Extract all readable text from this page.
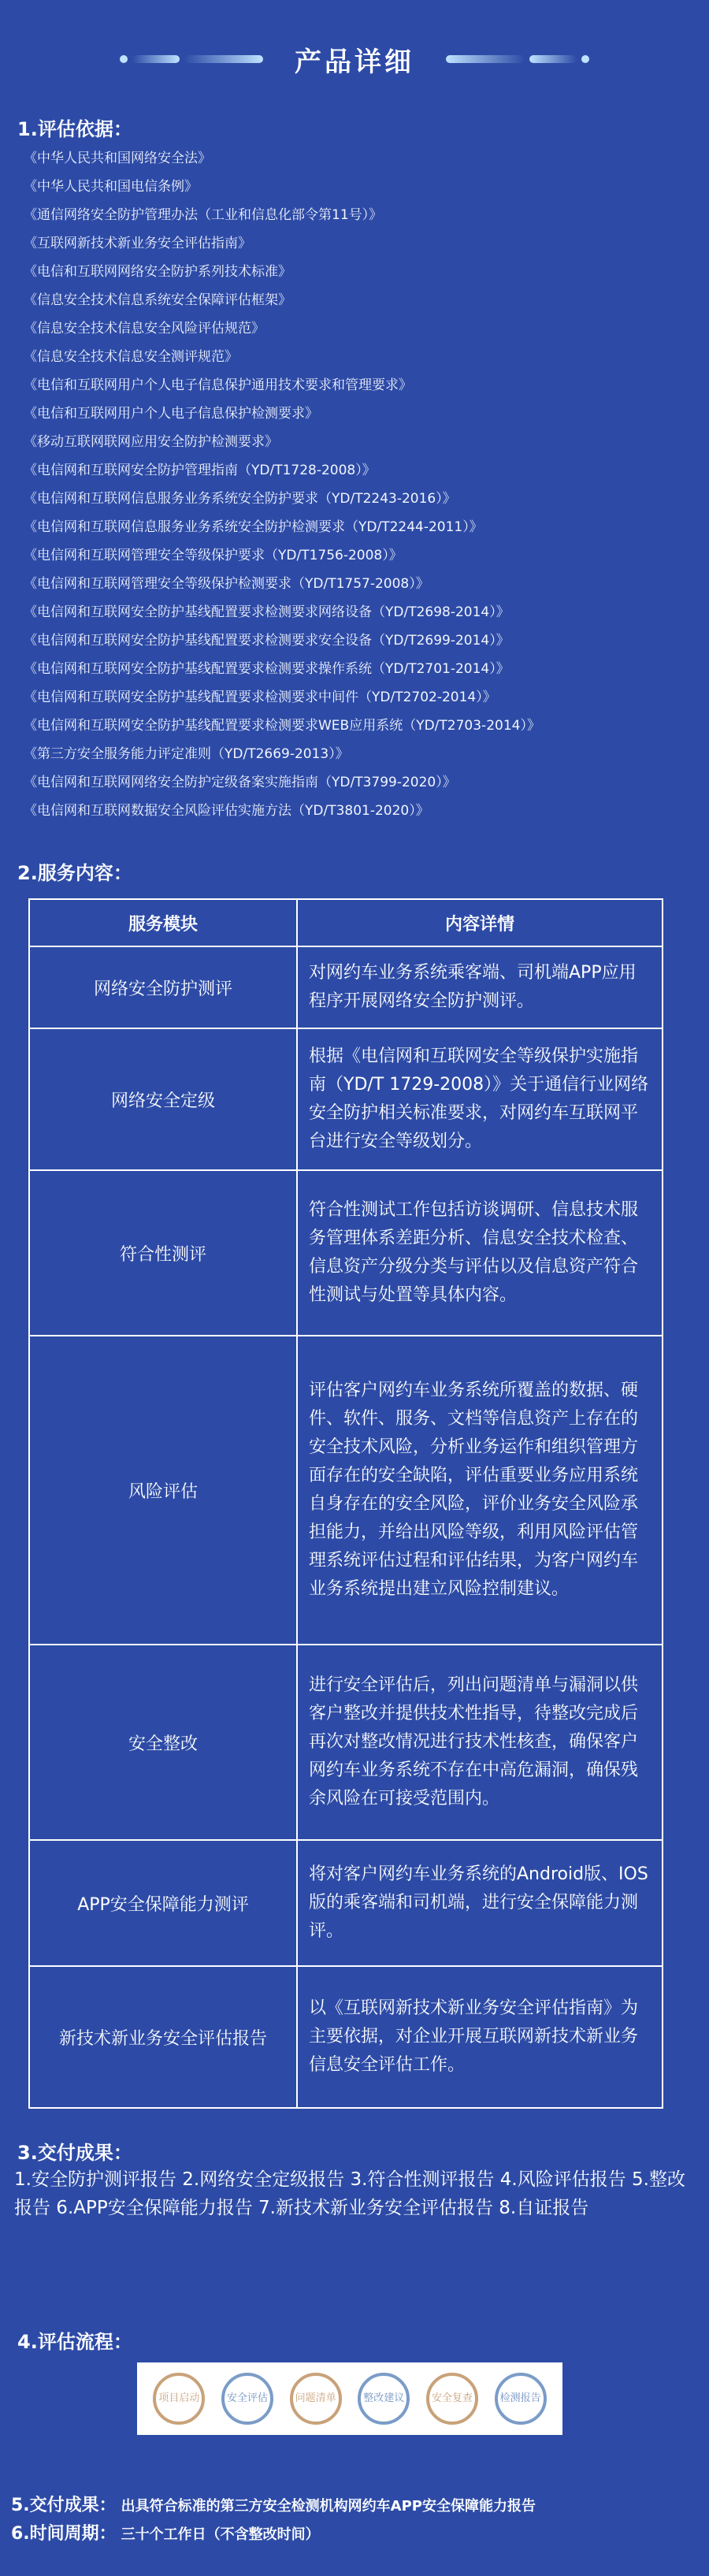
产品详细
1.评估依据：
《中华人民共和国网络安全法》
《中华人民共和国电信条例》
《通信网络安全防护管理办法（工业和信息化部令第11号）》
《互联网新技术新业务安全评估指南》
《电信和互联网网络安全防护系列技术标准》
《信息安全技术信息系统安全保障评估框架》
《信息安全技术信息安全风险评估规范》
《信息安全技术信息安全测评规范》
《电信和互联网用户个人电子信息保护通用技术要求和管理要求》
《电信和互联网用户个人电子信息保护检测要求》
《移动互联网联网应用安全防护检测要求》
《电信网和互联网安全防护管理指南（YD/T1728-2008）》
《电信网和互联网信息服务业务系统安全防护要求（YD/T2243-2016）》
《电信网和互联网信息服务业务系统安全防护检测要求（YD/T2244-2011）》
《电信网和互联网管理安全等级保护要求（YD/T1756-2008）》
《电信网和互联网管理安全等级保护检测要求（YD/T1757-2008）》
《电信网和互联网安全防护基线配置要求检测要求网络设备（YD/T2698-2014）》
《电信网和互联网安全防护基线配置要求检测要求安全设备（YD/T2699-2014）》
《电信网和互联网安全防护基线配置要求检测要求操作系统（YD/T2701-2014）》
《电信网和互联网安全防护基线配置要求检测要求中间件（YD/T2702-2014）》
《电信网和互联网安全防护基线配置要求检测要求WEB应用系统（YD/T2703-2014）》
《第三方安全服务能力评定准则（YD/T2669-2013）》
《电信网和互联网网络安全防护定级备案实施指南（YD/T3799-2020）》
《电信网和互联网数据安全风险评估实施方法（YD/T3801-2020）》
2.服务内容：
服务模块	内容详情
网络安全防护测评	对网约车业务系统乘客端、司机端APP应用程序开展网络安全防护测评。
网络安全定级	根据《电信网和互联网安全等级保护实施指南（YD/T 1729-2008）》关于通信行业网络安全防护相关标准要求，对网约车互联网平台进行安全等级划分。
符合性测评	符合性测试工作包括访谈调研、信息技术服务管理体系差距分析、信息安全技术检查、信息资产分级分类与评估以及信息资产符合性测试与处置等具体内容。
风险评估	评估客户网约车业务系统所覆盖的数据、硬件、软件、服务、文档等信息资产上存在的安全技术风险，分析业务运作和组织管理方面存在的安全缺陷，评估重要业务应用系统自身存在的安全风险，评价业务安全风险承担能力，并给出风险等级，利用风险评估管理系统评估过程和评估结果，为客户网约车业务系统提出建立风险控制建议。
安全整改	进行安全评估后，列出问题清单与漏洞以供客户整改并提供技术性指导，待整改完成后再次对整改情况进行技术性核查，确保客户网约车业务系统不存在中高危漏洞，确保残余风险在可接受范围内。
APP安全保障能力测评	将对客户网约车业务系统的Android版、IOS版的乘客端和司机端，进行安全保障能力测评。
新技术新业务安全评估报告	以《互联网新技术新业务安全评估指南》为主要依据，对企业开展互联网新技术新业务信息安全评估工作。
3.交付成果：
1.安全防护测评报告 2.网络安全定级报告 3.符合性测评报告 4.风险评估报告 5.整改报告 6.APP安全保障能力报告 7.新技术新业务安全评估报告 8.自证报告
4.评估流程：
项目 启动	安全 评估	问题 清单	整改 建议	安全 复查	检测 报告
5.交付成果： 出具符合标准的第三方安全检测机构网约车APP安全保障能力报告
6.时间周期： 三十个工作日（不含整改时间）
